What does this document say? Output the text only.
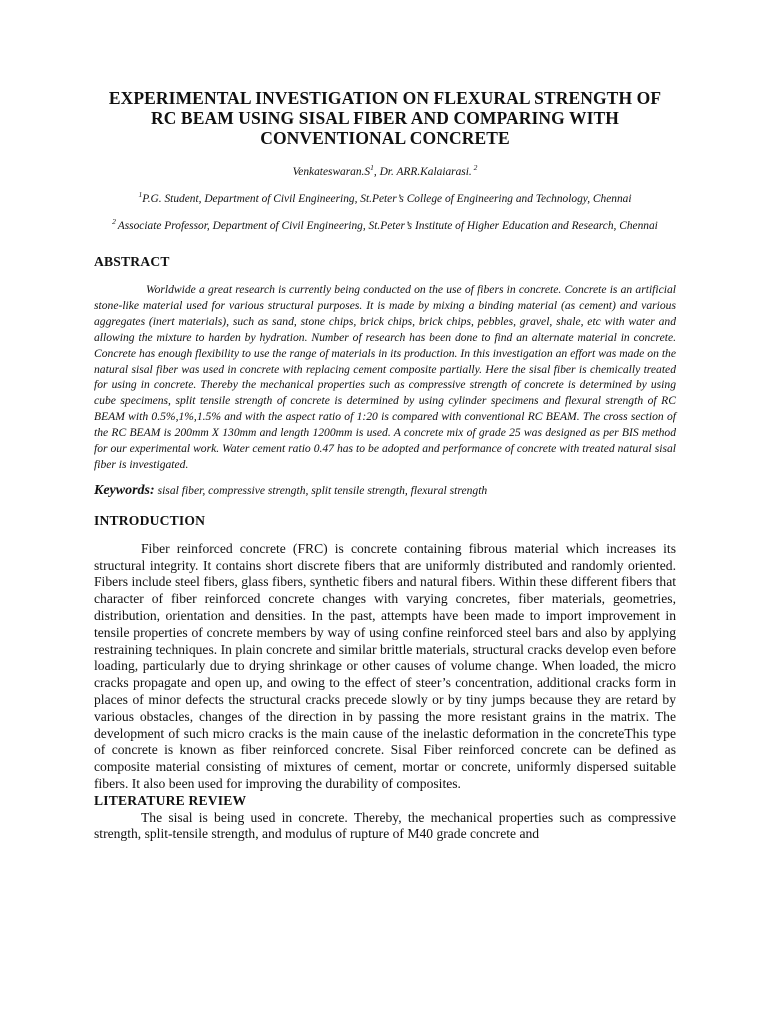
EXPERIMENTAL INVESTIGATION ON FLEXURAL STRENGTH OF
RC BEAM USING SISAL FIBER AND COMPARING WITH
CONVENTIONAL CONCRETE
$Venkateswaran.S^1$, Dr. ARR.Kalaiarasi. $^2$
$^1$P.G. Student, Department of Civil Engineering, St.Peter’s College of Engineering and Technology, Chennai
$^2$ Associate Professor, Department of Civil Engineering, St.Peter’s Institute of Higher Education and Research, Chennai
ABSTRACT

Worldwide a great research is currently being conducted on the use of fibers in concrete. Concrete is an artificial stone-like material used for various structural purposes. It is made by mixing a binding material (as cement) and various aggregates (inert materials), such as sand, stone chips, brick chips, brick chips, pebbles, gravel, shale, etc with water and allowing the mixture to harden by hydration. Number of research has been done to find an alternate material in concrete. Concrete has enough flexibility to use the range of materials in its production. In this investigation an effort was made on the natural sisal fiber was used in concrete with replacing cement composite partially. Here the sisal fiber is chemically treated for using in concrete. Thereby the mechanical properties such as compressive strength of concrete is determined by using cube specimens, split tensile strength of concrete is determined by using cylinder specimens and flexural strength of RC BEAM with 0.5%,1%,1.5% and with the aspect ratio of 1:20 is compared with conventional RC BEAM. The cross section of the RC BEAM is 200mm X 130mm and length 1200mm is used. A concrete mix of grade 25 was designed as per BIS method for our experimental work. Water cement ratio 0.47 has to be adopted and performance of concrete with treated natural sisal fiber is investigated.

Keywords: sisal fiber, compressive strength, split tensile strength, flexural strength
INTRODUCTION

Fiber reinforced concrete (FRC) is concrete containing fibrous material which increases its structural integrity. It contains short discrete fibers that are uniformly distributed and randomly oriented. Fibers include steel fibers, glass fibers, synthetic fibers and natural fibers. Within these different fibers that character of fiber reinforced concrete changes with varying concretes, fiber materials, geometries, distribution, orientation and densities. In the past, attempts have been made to import improvement in tensile properties of concrete members by way of using confine reinforced steel bars and also by applying restraining techniques. In plain concrete and similar brittle materials, structural cracks develop even before loading, particularly due to drying shrinkage or other causes of volume change. When loaded, the micro cracks propagate and open up, and owing to the effect of steer’s concentration, additional cracks form in places of minor defects the structural cracks precede slowly or by tiny jumps because they are retard by various obstacles, changes of the direction in by passing the more resistant grains in the matrix. The development of such micro cracks is the main cause of the inelastic deformation in the concreteThis type of concrete is known as fiber reinforced concrete. Sisal Fiber reinforced concrete can be defined as composite material consisting of mixtures of cement, mortar or concrete, uniformly dispersed suitable fibers. It also been used for improving the durability of composites.

LITERATURE REVIEW

The sisal is being used in concrete. Thereby, the mechanical properties such as compressive strength, split-tensile strength, and modulus of rupture of M40 grade concrete and
